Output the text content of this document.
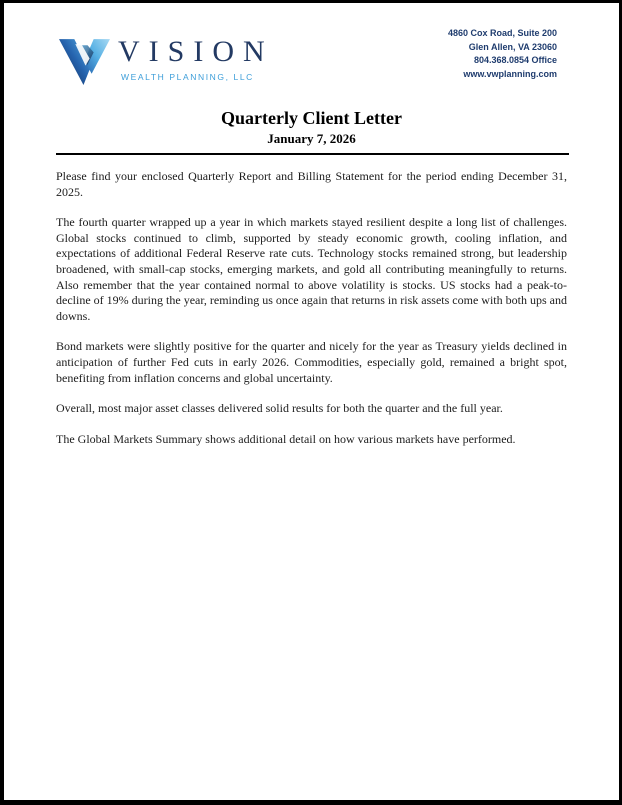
VISION
WEALTH PLANNING, LLC
4860 Cox Road, Suite 200
Glen Allen, VA 23060
804.368.0854 Office
www.vwplanning.com
Quarterly Client Letter
January 7, 2026

Please find your enclosed Quarterly Report and Billing Statement for the period ending December 31, 2025.

The fourth quarter wrapped up a year in which markets stayed resilient despite a long list of challenges. Global stocks continued to climb, supported by steady economic growth, cooling inflation, and expectations of additional Federal Reserve rate cuts. Technology stocks remained strong, but leadership broadened, with small-cap stocks, emerging markets, and gold all contributing meaningfully to returns. Also remember that the year contained normal to above volatility is stocks. US stocks had a peak-to-decline of 19% during the year, reminding us once again that returns in risk assets come with both ups and downs.

Bond markets were slightly positive for the quarter and nicely for the year as Treasury yields declined in anticipation of further Fed cuts in early 2026. Commodities, especially gold, remained a bright spot, benefiting from inflation concerns and global uncertainty.

Overall, most major asset classes delivered solid results for both the quarter and the full year.

The Global Markets Summary shows additional detail on how various markets have performed.
